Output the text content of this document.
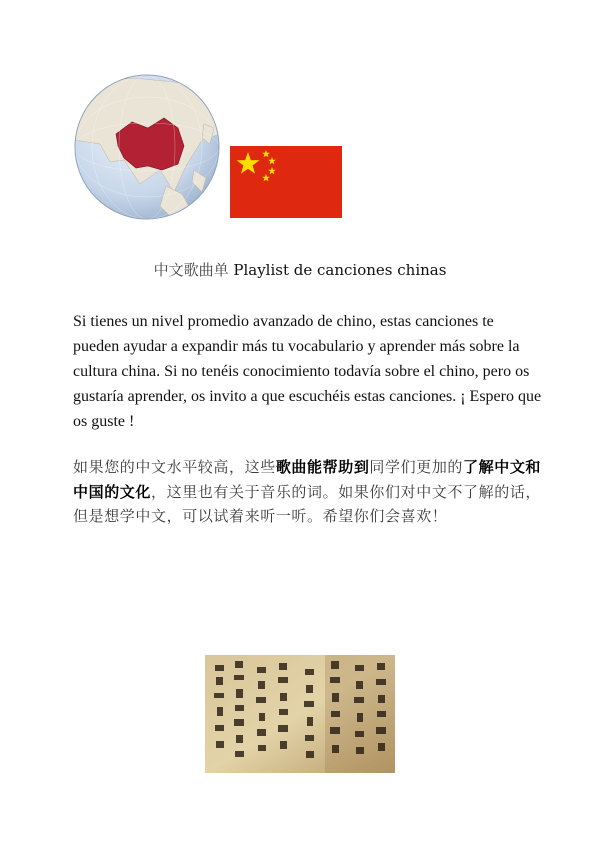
中文歌曲单 Playlist de canciones chinas
Si tienes un nivel promedio avanzado de chino, estas canciones te pueden ayudar a expandir más tu vocabulario y aprender más sobre la cultura china. Si no tenéis conocimiento todavía sobre el chino, pero os gustaría aprender, os invito a que escuchéis estas canciones. ¡ Espero que os guste !
如果您的中文水平较高，这些歌曲能帮助到同学们更加的了解中文和中国的文化，这里也有关于音乐的词。如果你们对中文不了解的话，但是想学中文，可以试着来听一听。希望你们会喜欢！
